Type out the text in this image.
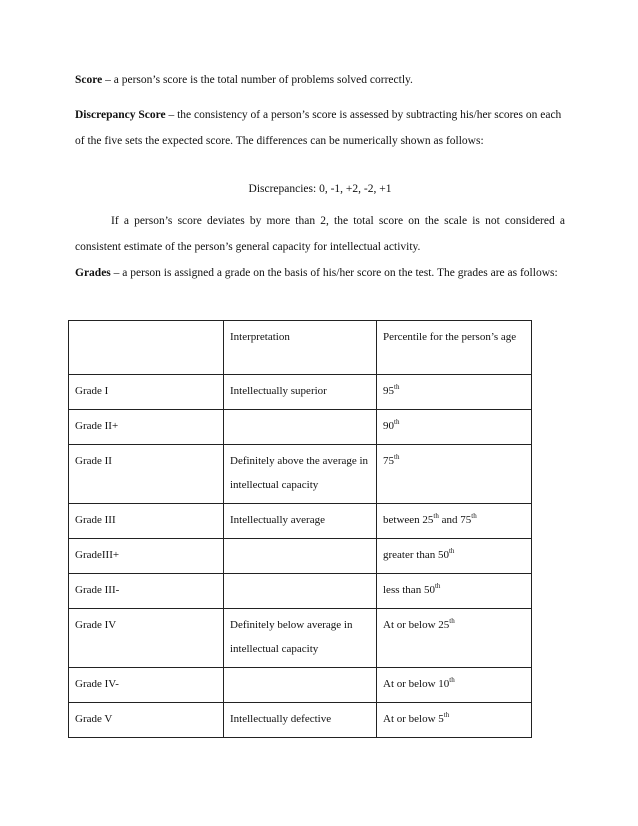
Score – a person’s score is the total number of problems solved correctly.

Discrepancy Score – the consistency of a person’s score is assessed by subtracting his/her scores on each of the five sets the expected score. The differences can be numerically shown as follows:

Discrepancies: 0, -1, +2, -2, +1

If a person’s score deviates by more than 2, the total score on the scale is not considered a consistent estimate of the person’s general capacity for intellectual activity.

Grades – a person is assigned a grade on the basis of his/her score on the test. The grades are as follows:

	Interpretation	Percentile for the person’s age
Grade I	Intellectually superior	95th
Grade II+		90th
Grade II	Definitely above the average in intellectual capacity	75th
Grade III	Intellectually average	between 25th and 75th
GradeIII+		greater than 50th
Grade III-		less than 50th
Grade IV	Definitely below average in intellectual capacity	At or below 25th
Grade IV-		At or below 10th
Grade V	Intellectually defective	At or below 5th
